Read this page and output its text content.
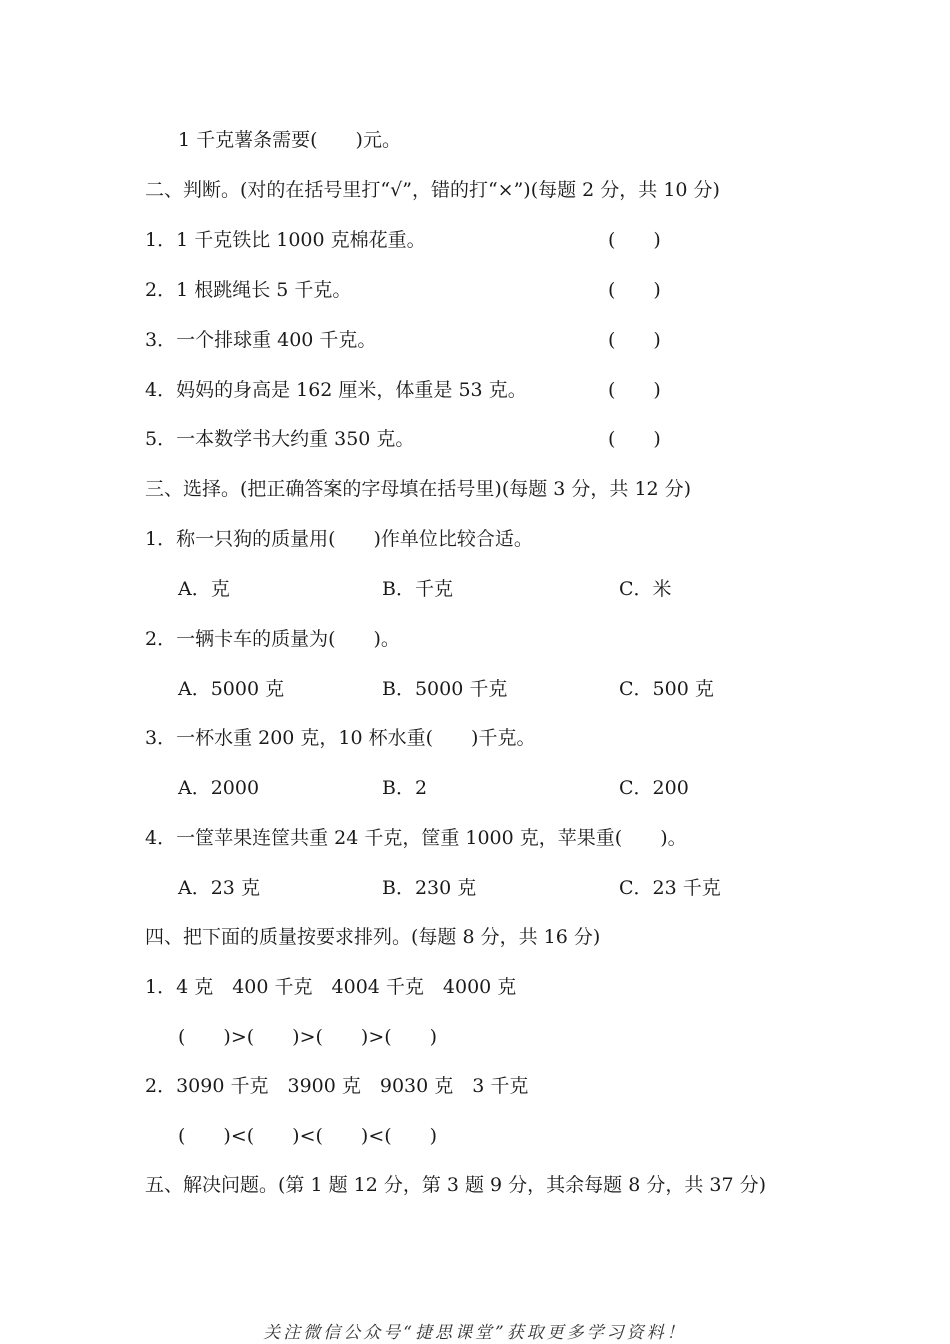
1 千克薯条需要(　　)元。
二、判断。(对的在括号里打“√”，错的打“×”)(每题 2 分，共 10 分)
1．1 千克铁比 1000 克棉花重。	(　　)
2．1 根跳绳长 5 千克。	(　　)
3．一个排球重 400 千克。	(　　)
4．妈妈的身高是 162 厘米，体重是 53 克。	(　　)
5．一本数学书大约重 350 克。	(　　)
三、选择。(把正确答案的字母填在括号里)(每题 3 分，共 12 分)
1．称一只狗的质量用(　　)作单位比较合适。
A．克	B．千克	C．米
2．一辆卡车的质量为(　　)。
A．5000 克	B．5000 千克	C．500 克
3．一杯水重 200 克，10 杯水重(　　)千克。
A．2000	B．2	C．200
4．一筐苹果连筐共重 24 千克，筐重 1000 克，苹果重(　　)。
A．23 克	B．230 克	C．23 千克
四、把下面的质量按要求排列。(每题 8 分，共 16 分)
1．4 克　400 千克　4004 千克　4000 克
(　　)>(　　)>(　　)>(　　)
2．3090 千克　3900 克　9030 克　3 千克
(　　)<(　　)<(　　)<(　　)
五、解决问题。(第 1 题 12 分，第 3 题 9 分，其余每题 8 分，共 37 分)
关注微信公众号“捷思课堂”获取更多学习资料！
